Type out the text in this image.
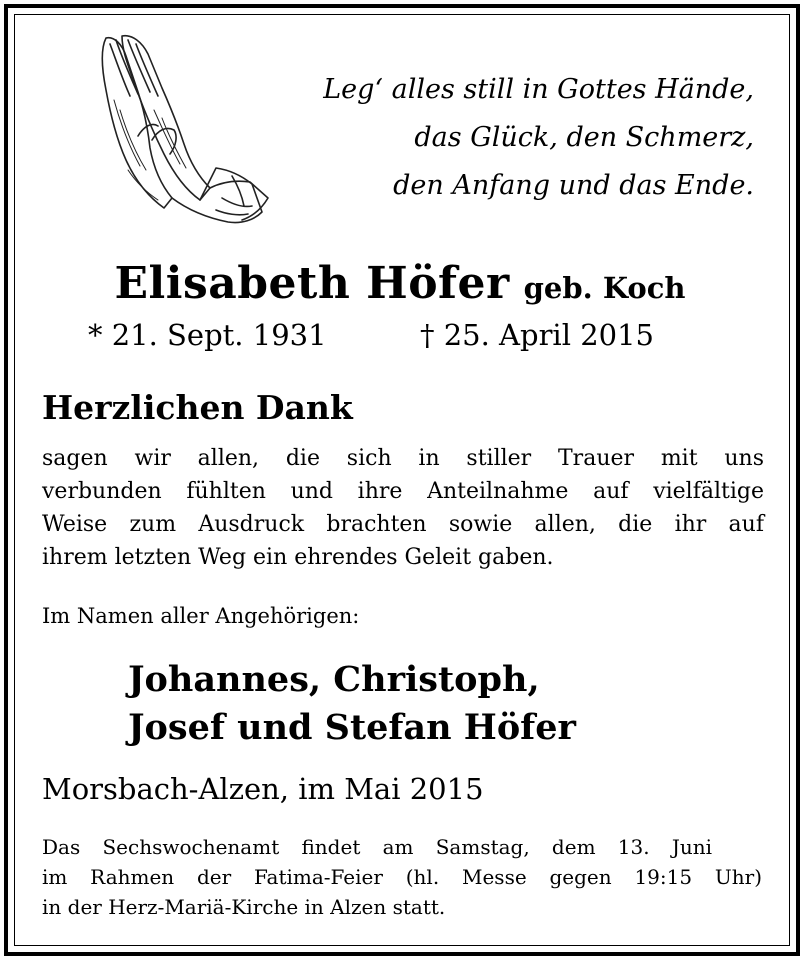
Leg‘ alles still in Gottes Hände,
das Glück, den Schmerz,
den Anfang und das Ende.
Elisabeth Höfer geb. Koch
* 21. Sept. 1931	† 25. April 2015
Herzlichen Dank
sagen wir allen, die sich in stiller Trauer mit uns
verbunden fühlten und ihre Anteilnahme auf vielfältige
Weise zum Ausdruck brachten sowie allen, die ihr auf
ihrem letzten Weg ein ehrendes Geleit gaben.
Im Namen aller Angehörigen:
Johannes, Christoph,
Josef und Stefan Höfer
Morsbach-Alzen, im Mai 2015
Das Sechswochenamt findet am Samstag, dem 13. Juni
im Rahmen der Fatima-Feier (hl. Messe gegen 19:15 Uhr)
in der Herz-Mariä-Kirche in Alzen statt.
